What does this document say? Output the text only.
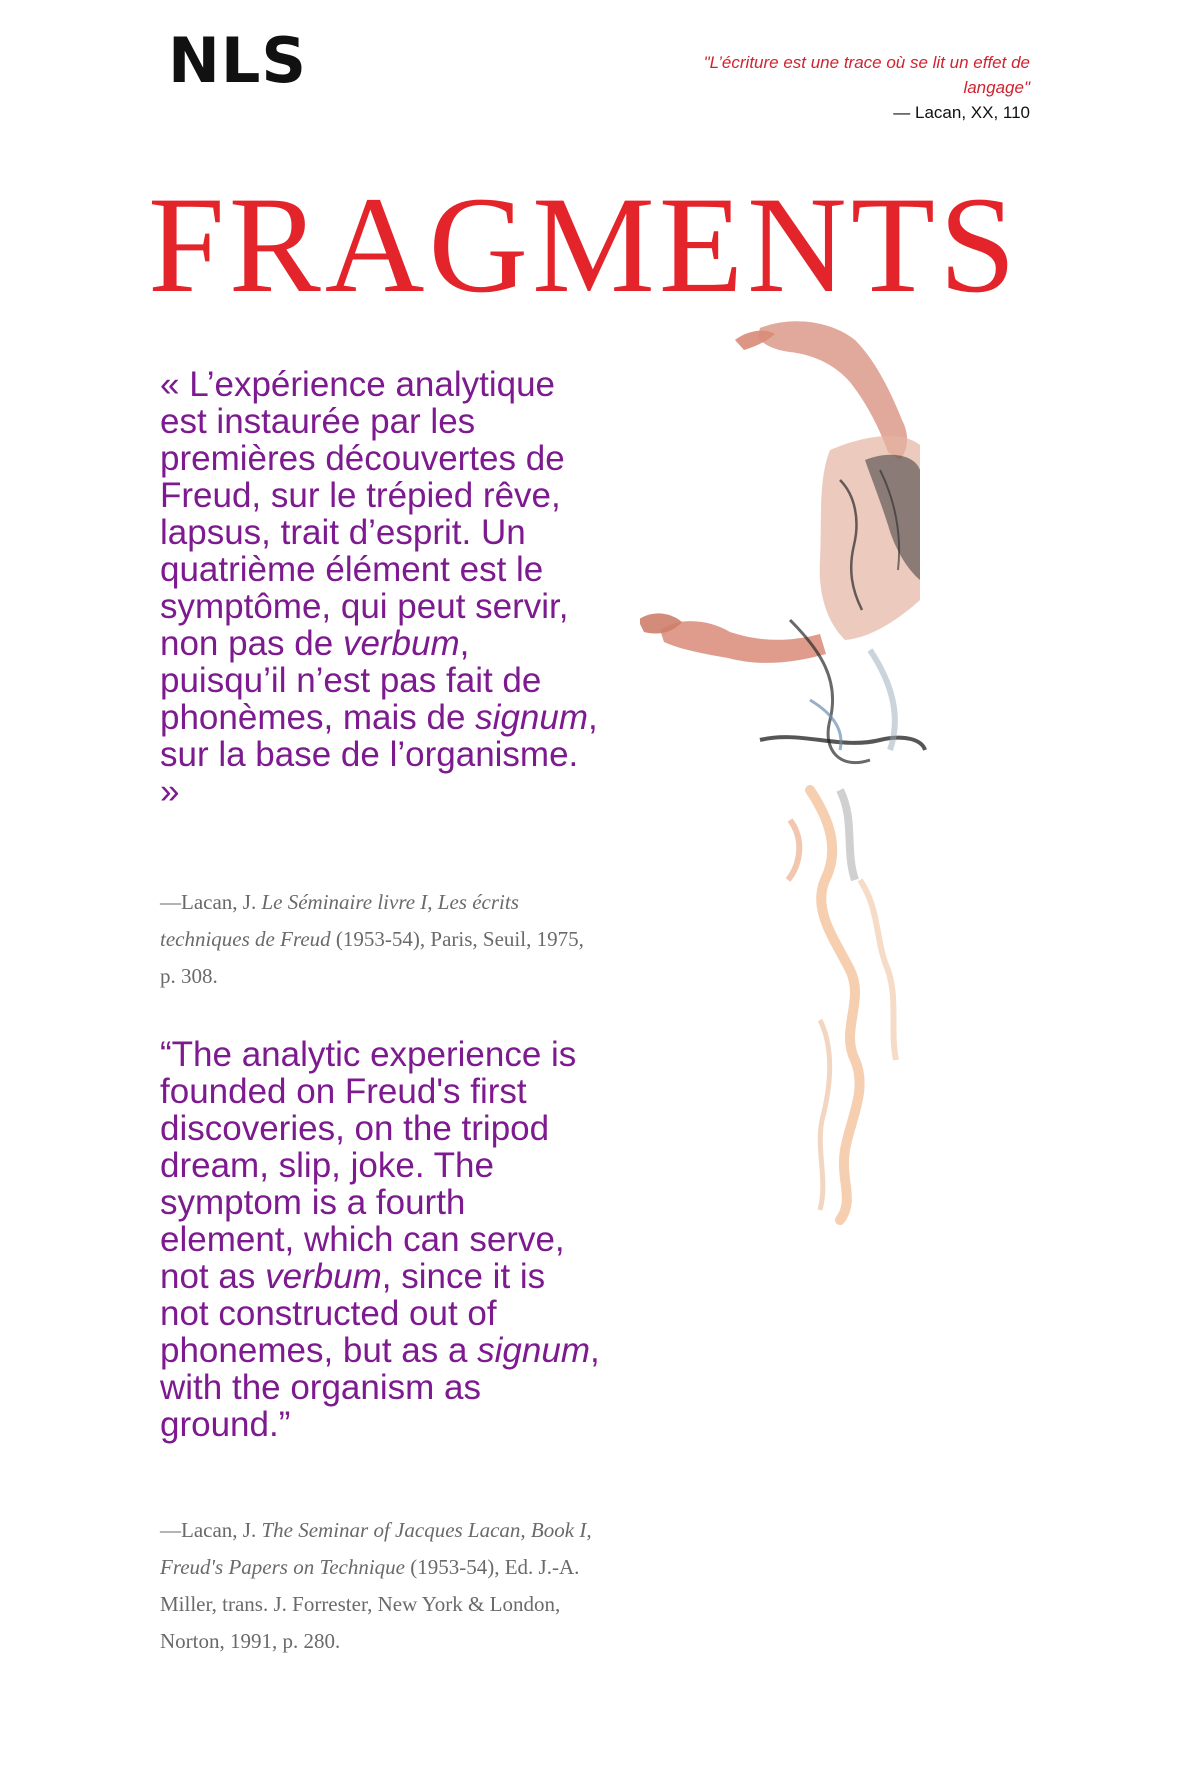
NLS	"L’écriture est une trace où se lit un effet de langage"
— Lacan, XX, 110
FRAGMENTS
« L’expérience analytique est instaurée par les premières découvertes de Freud, sur le trépied rêve, lapsus, trait d’esprit. Un quatrième élément est le symptôme, qui peut servir, non pas de verbum, puisqu’il n’est pas fait de phonèmes, mais de signum, sur la base de l’organisme. »
—Lacan, J. Le Séminaire livre I, Les écrits techniques de Freud (1953-54), Paris, Seuil, 1975, p. 308.
“The analytic experience is founded on Freud's first discoveries, on the tripod dream, slip, joke. The symptom is a fourth element, which can serve, not as verbum, since it is not constructed out of phonemes, but as a signum, with the organism as ground.”
—Lacan, J. The Seminar of Jacques Lacan, Book I, Freud's Papers on Technique (1953-54), Ed. J.-A. Miller, trans. J. Forrester, New York & London, Norton, 1991, p. 280.
